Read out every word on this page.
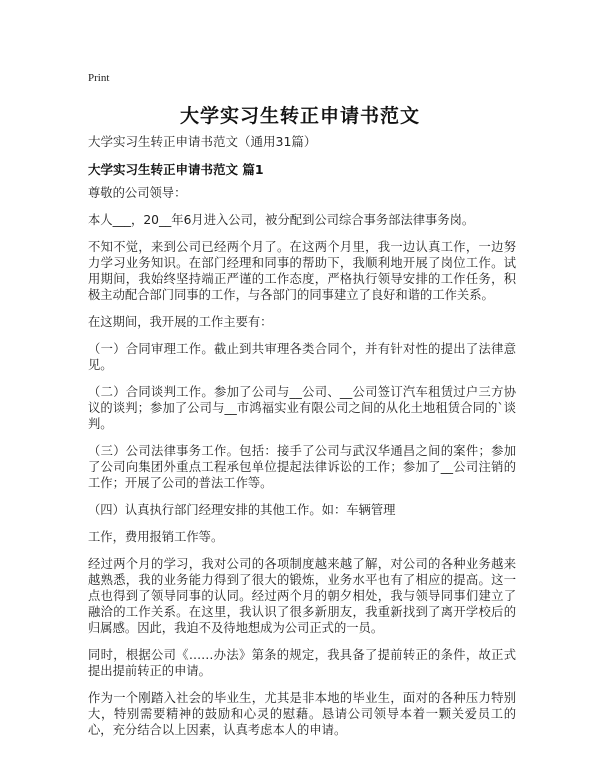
Print
大学实习生转正申请书范文
大学实习生转正申请书范文（通用31篇）
大学实习生转正申请书范文 篇1

尊敬的公司领导：

本人___，20__年6月进入公司，被分配到公司综合事务部法律事务岗。

不知不觉，来到公司已经两个月了。在这两个月里，我一边认真工作，一边努力学习业务知识。在部门经理和同事的帮助下，我顺利地开展了岗位工作。试用期间，我始终坚持端正严谨的工作态度，严格执行领导安排的工作任务，积极主动配合部门同事的工作，与各部门的同事建立了良好和谐的工作关系。

在这期间，我开展的工作主要有：

（一）合同审理工作。截止到共审理各类合同个，并有针对性的提出了法律意见。

（二）合同谈判工作。参加了公司与__公司、__公司签订汽车租赁过户三方协议的谈判；参加了公司与__市鸿福实业有限公司之间的从化土地租赁合同的`谈判。

（三）公司法律事务工作。包括：接手了公司与武汉华通昌之间的案件；参加了公司向集团外重点工程承包单位提起法律诉讼的工作；参加了__公司注销的工作；开展了公司的普法工作等。

（四）认真执行部门经理安排的其他工作。如：车辆管理

工作，费用报销工作等。

经过两个月的学习，我对公司的各项制度越来越了解，对公司的各种业务越来越熟悉，我的业务能力得到了很大的锻炼，业务水平也有了相应的提高。这一点也得到了领导同事的认同。经过两个月的朝夕相处，我与领导同事们建立了融洽的工作关系。在这里，我认识了很多新朋友，我重新找到了离开学校后的归属感。因此，我迫不及待地想成为公司正式的一员。

同时，根据公司《……办法》第条的规定，我具备了提前转正的条件，故正式提出提前转正的申请。

作为一个刚踏入社会的毕业生，尤其是非本地的毕业生，面对的各种压力特别大，特别需要精神的鼓励和心灵的慰藉。恳请公司领导本着一颗关爱员工的心，充分结合以上因素，认真考虑本人的申请。
